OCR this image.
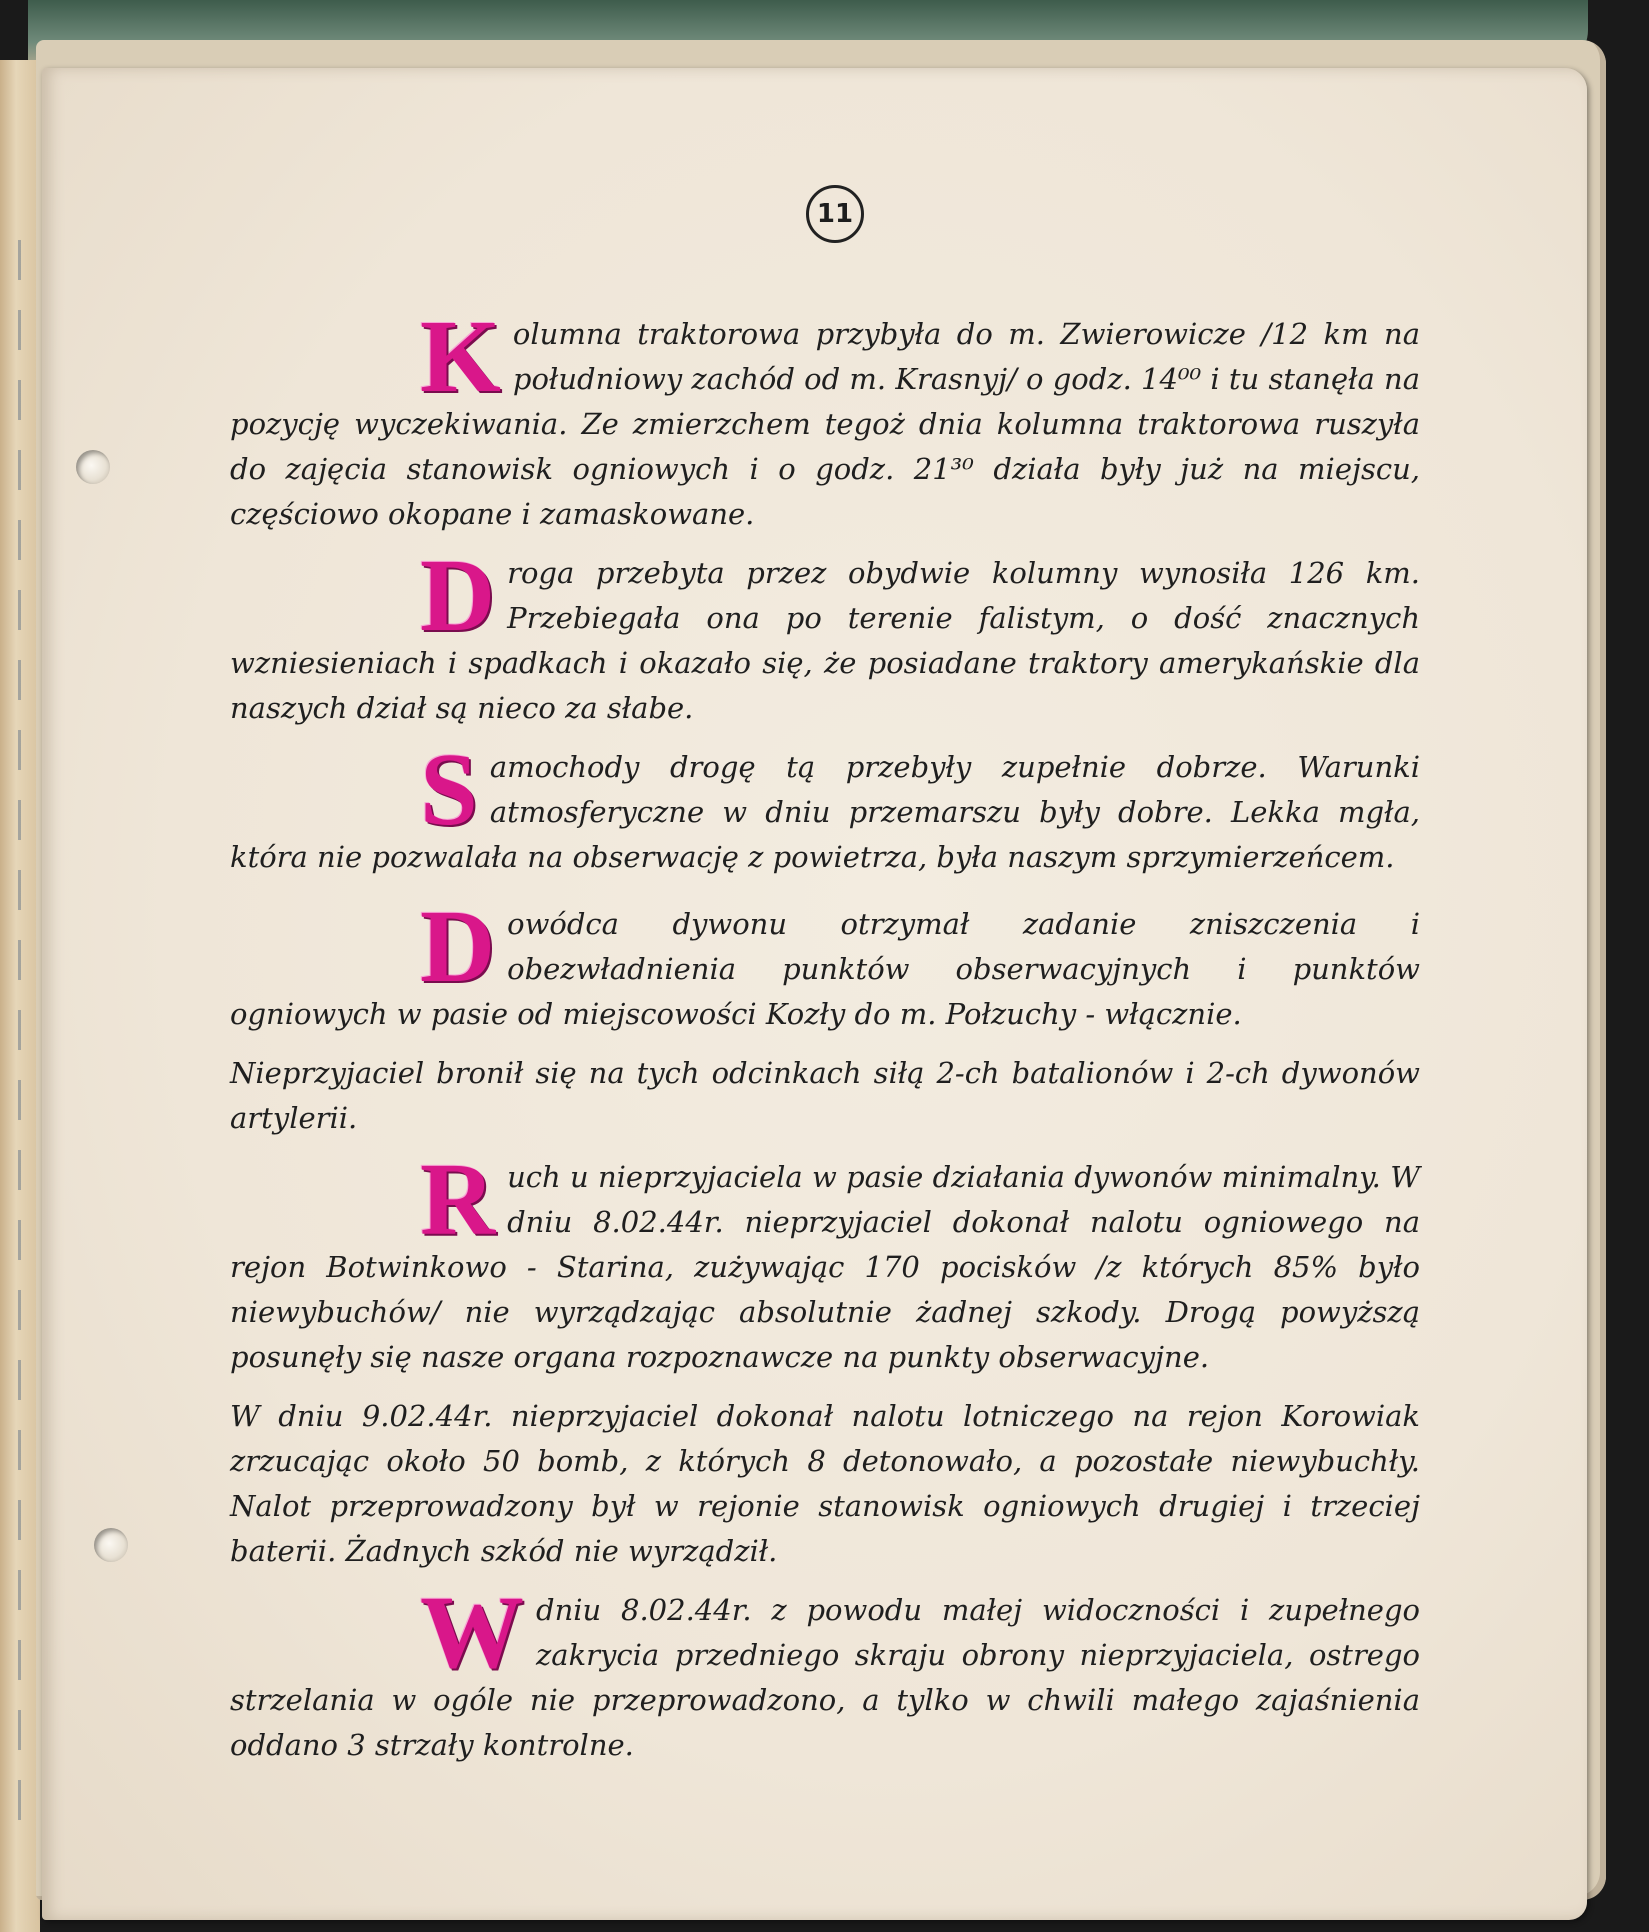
11

Kolumna traktorowa przybyła do m. Zwierowicze /12 km na południowy zachód od m. Krasnyj/ o godz. 14⁰⁰ i tu stanęła na pozycję wyczekiwania. Ze zmierzchem tegoż dnia kolumna traktorowa ruszyła do zajęcia stanowisk ogniowych i o godz. 21³⁰ działa były już na miejscu, częściowo okopane i zamaskowane.

Droga przebyta przez obydwie kolumny wynosiła 126 km. Przebiegała ona po terenie falistym, o dość znacznych wzniesieniach i spadkach i okazało się, że posiadane traktory amerykańskie dla naszych dział są nieco za słabe.

Samochody drogę tą przebyły zupełnie dobrze. Warunki atmosferyczne w dniu przemarszu były dobre. Lekka mgła, która nie pozwalała na obserwację z powietrza, była naszym sprzymierzeńcem.

Dowódca dywonu otrzymał zadanie zniszczenia i obezwładnienia punktów obserwacyjnych i punktów ogniowych w pasie od miejscowości Kozły do m. Połzuchy - włącznie.

Nieprzyjaciel bronił się na tych odcinkach siłą 2-ch batalionów i 2-ch dywonów artylerii.

Ruch u nieprzyjaciela w pasie działania dywonów minimalny. W dniu 8.02.44r. nieprzyjaciel dokonał nalotu ogniowego na rejon Botwinkowo - Starina, zużywając 170 pocisków /z których 85% było niewybuchów/ nie wyrządzając absolutnie żadnej szkody. Drogą powyższą posunęły się nasze organa rozpoznawcze na punkty obserwacyjne.

W dniu 9.02.44r. nieprzyjaciel dokonał nalotu lotniczego na rejon Korowiak zrzucając około 50 bomb, z których 8 detonowało, a pozostałe niewybuchły. Nalot przeprowadzony był w rejonie stanowisk ogniowych drugiej i trzeciej baterii. Żadnych szkód nie wyrządził.

Wdniu 8.02.44r. z powodu małej widoczności i zupełnego zakrycia przedniego skraju obrony nieprzyjaciela, ostrego strzelania w ogóle nie przeprowadzono, a tylko w chwili małego zajaśnienia oddano 3 strzały kontrolne.
